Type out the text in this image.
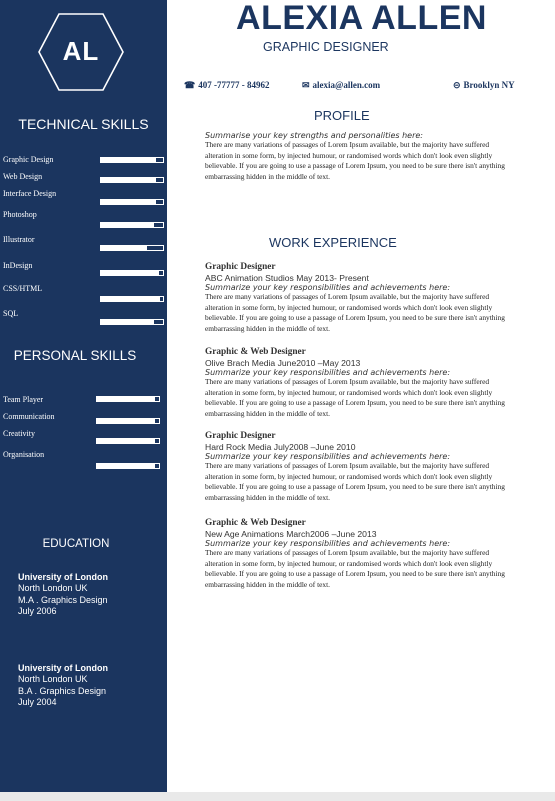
AL
TECHNICAL SKILLS
Graphic Design
Web Design
Interface Design
Photoshop
Illustrator
InDesign
CSS/HTML
SQL
PERSONAL SKILLS
Team Player
Communication
Creativity
Organisation
EDUCATION
University of London
North London UK
M.A . Graphics Design
July 2006
University of London
North London UK
B.A . Graphics Design
July 2004
ALEXIA ALLEN
GRAPHIC DESIGNER
☎ 407 -77777 - 84962	✉ alexia@allen.com	⊝ Brooklyn NY
PROFILE
Summarise your key strengths and personalities here:
There are many variations of passages of Lorem Ipsum available, but the majority have suffered alteration in some form, by injected humour, or randomised words which don't look even slightly believable. If you are going to use a passage of Lorem Ipsum, you need to be sure there isn't anything embarrassing hidden in the middle of text.
WORK EXPERIENCE
Graphic Designer
ABC Animation Studios May 2013- Present
Summarize your key responsibilities and achievements here:
There are many variations of passages of Lorem Ipsum available, but the majority have suffered alteration in some form, by injected humour, or randomised words which don't look even slightly believable. If you are going to use a passage of Lorem Ipsum, you need to be sure there isn't anything embarrassing hidden in the middle of text.
Graphic & Web Designer
Olive Brach Media June2010 –May 2013
Summarize your key responsibilities and achievements here:
There are many variations of passages of Lorem Ipsum available, but the majority have suffered alteration in some form, by injected humour, or randomised words which don't look even slightly believable. If you are going to use a passage of Lorem Ipsum, you need to be sure there isn't anything embarrassing hidden in the middle of text.
Graphic Designer
Hard Rock Media July2008 –June 2010
Summarize your key responsibilities and achievements here:
There are many variations of passages of Lorem Ipsum available, but the majority have suffered alteration in some form, by injected humour, or randomised words which don't look even slightly believable. If you are going to use a passage of Lorem Ipsum, you need to be sure there isn't anything embarrassing hidden in the middle of text.
Graphic & Web Designer
New Age Animations March2006 –June 2013
Summarize your key responsibilities and achievements here:
There are many variations of passages of Lorem Ipsum available, but the majority have suffered alteration in some form, by injected humour, or randomised words which don't look even slightly believable. If you are going to use a passage of Lorem Ipsum, you need to be sure there isn't anything embarrassing hidden in the middle of text.
